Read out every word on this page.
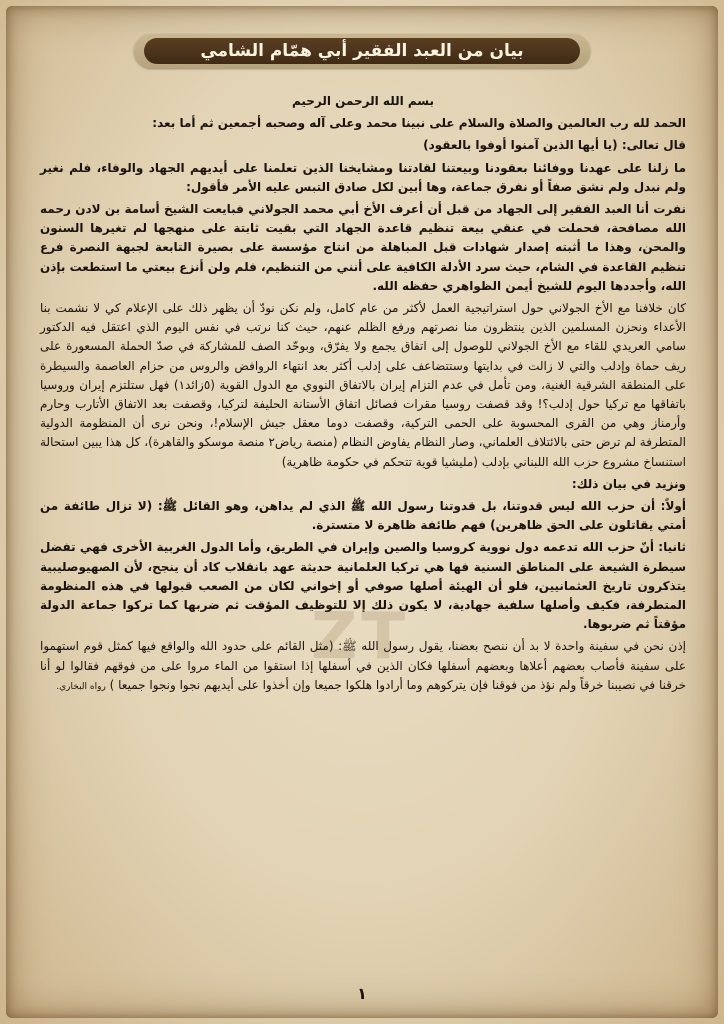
بيان من العبد الفقير أبي همّام الشامي
ZT

بسم الله الرحمن الرحيم

الحمد لله رب العالمين والصلاة والسلام على نبينا محمد وعلى آله وصحبه أجمعين ثم أما بعد:

قال تعالى: (يا أيها الذين آمنوا أوفوا بالعقود)

ما زلنا على عهدنا ووفائنا بعقودنا وبيعتنا لقادتنا ومشايخنا الذين تعلمنا على أيديهم الجهاد والوفاء، فلم نغير ولم نبدل ولم نشق صفاً أو نفرق جماعة، وها أبين لكل صادق التبس عليه الأمر فأقول:

نفرت أنا العبد الفقير إلى الجهاد من قبل أن أعرف الأخ أبي محمد الجولاني فبايعت الشيخ أسامة بن لادن رحمه الله مصافحة، فحملت في عنقي بيعة تنظيم قاعدة الجهاد التي بقيت ثابتة على منهجها لم تغيرها السنون والمحن، وهذا ما أثبته إصدار شهادات قبل المباهلة من انتاج مؤسسة على بصيرة التابعة لجبهة النصرة فرع تنظيم القاعدة في الشام، حيث سرد الأدلة الكافية على أنني من التنظيم، فلم ولن أنزع بيعتي ما استطعت بإذن الله، وأجددها اليوم للشيخ أيمن الظواهري حفظه الله.

كان خلافنا مع الأخ الجولاني حول استراتيجية العمل لأكثر من عام كامل، ولم نكن نودّ أن يظهر ذلك على الإعلام كي لا نشمت بنا الأعداء ونحزن المسلمين الذين ينتظرون منا نصرتهم ورفع الظلم عنهم، حيث كنا نرتب في نفس اليوم الذي اعتقل فيه الدكتور سامي العريدي للقاء مع الأخ الجولاني للوصول إلى اتفاق يجمع ولا يفرّق، وبوحّد الصف للمشاركة في صدّ الحملة المسعورة على ريف حماة وإدلب والتي لا زالت في بدايتها وستتضاعف على إدلب أكثر بعد انتهاء الروافض والروس من حزام العاصمة والسيطرة على المنطقة الشرقية الغنية، ومن تأمل في عدم التزام إيران بالاتفاق النووي مع الدول القوية (٥زائد١) فهل ستلتزم إيران وروسيا باتفاقها مع تركيا حول إدلب؟! وقد قصفت روسيا مقرات فصائل اتفاق الأستانة الحليفة لتركيا، وقصفت بعد الاتفاق الأتارب وحارم وأرمناز وهي من القرى المحسوبة على الحمى التركية، وقصفت دوما معقل جيش الإسلام!، ونحن نرى أن المنظومة الدولية المتطرفة لم ترض حتى بالائتلاف العلماني، وصار النظام يفاوض النظام (منصة رياض٢ منصة موسكو والقاهرة)، كل هذا يبين استحالة استنساخ مشروع حزب الله اللبناني بإدلب (مليشيا قوية تتحكم في حكومة ظاهرية)

ونزيد في بيان ذلك:

أولاً: أن حزب الله ليس قدوتنا، بل قدوتنا رسول الله ﷺ الذي لم يداهن، وهو القائل ﷺ: (لا تزال طائفة من أمتي يقاتلون على الحق ظاهرين) فهم طائفة ظاهرة لا متسترة.

ثانيا: أنّ حزب الله تدعمه دول نووية كروسيا والصين وإيران في الطريق، وأما الدول الغربية الأخرى فهي تفضل سيطرة الشيعة على المناطق السنية فها هي تركيا العلمانية حديثة عهد بانقلاب كاد أن ينجح، لأن الصهيوصليبية يتذكرون تاريخ العثمانيين، فلو أن الهيئة أصلها صوفي أو إخواني لكان من الصعب قبولها في هذه المنظومة المتطرفة، فكيف وأصلها سلفية جهادية، لا يكون ذلك إلا للتوظيف المؤقت ثم ضربها كما تركوا جماعة الدولة مؤقتاً ثم ضربوها.

إذن نحن في سفينة واحدة لا بد أن ننصح بعضنا، يقول رسول الله ﷺ: (مثل القائم على حدود الله والواقع فيها كمثل قوم استهموا على سفينة فأصاب بعضهم أعلاها وبعضهم أسفلها فكان الذين في أسفلها إذا استقوا من الماء مروا على من فوقهم فقالوا لو أنا خرقنا في نصيبنا خرقاً ولم نؤذ من فوقنا فإن يتركوهم وما أرادوا هلكوا جميعا وإن أخذوا على أيديهم نجوا ونجوا جميعا ) رواه البخاري.

١
